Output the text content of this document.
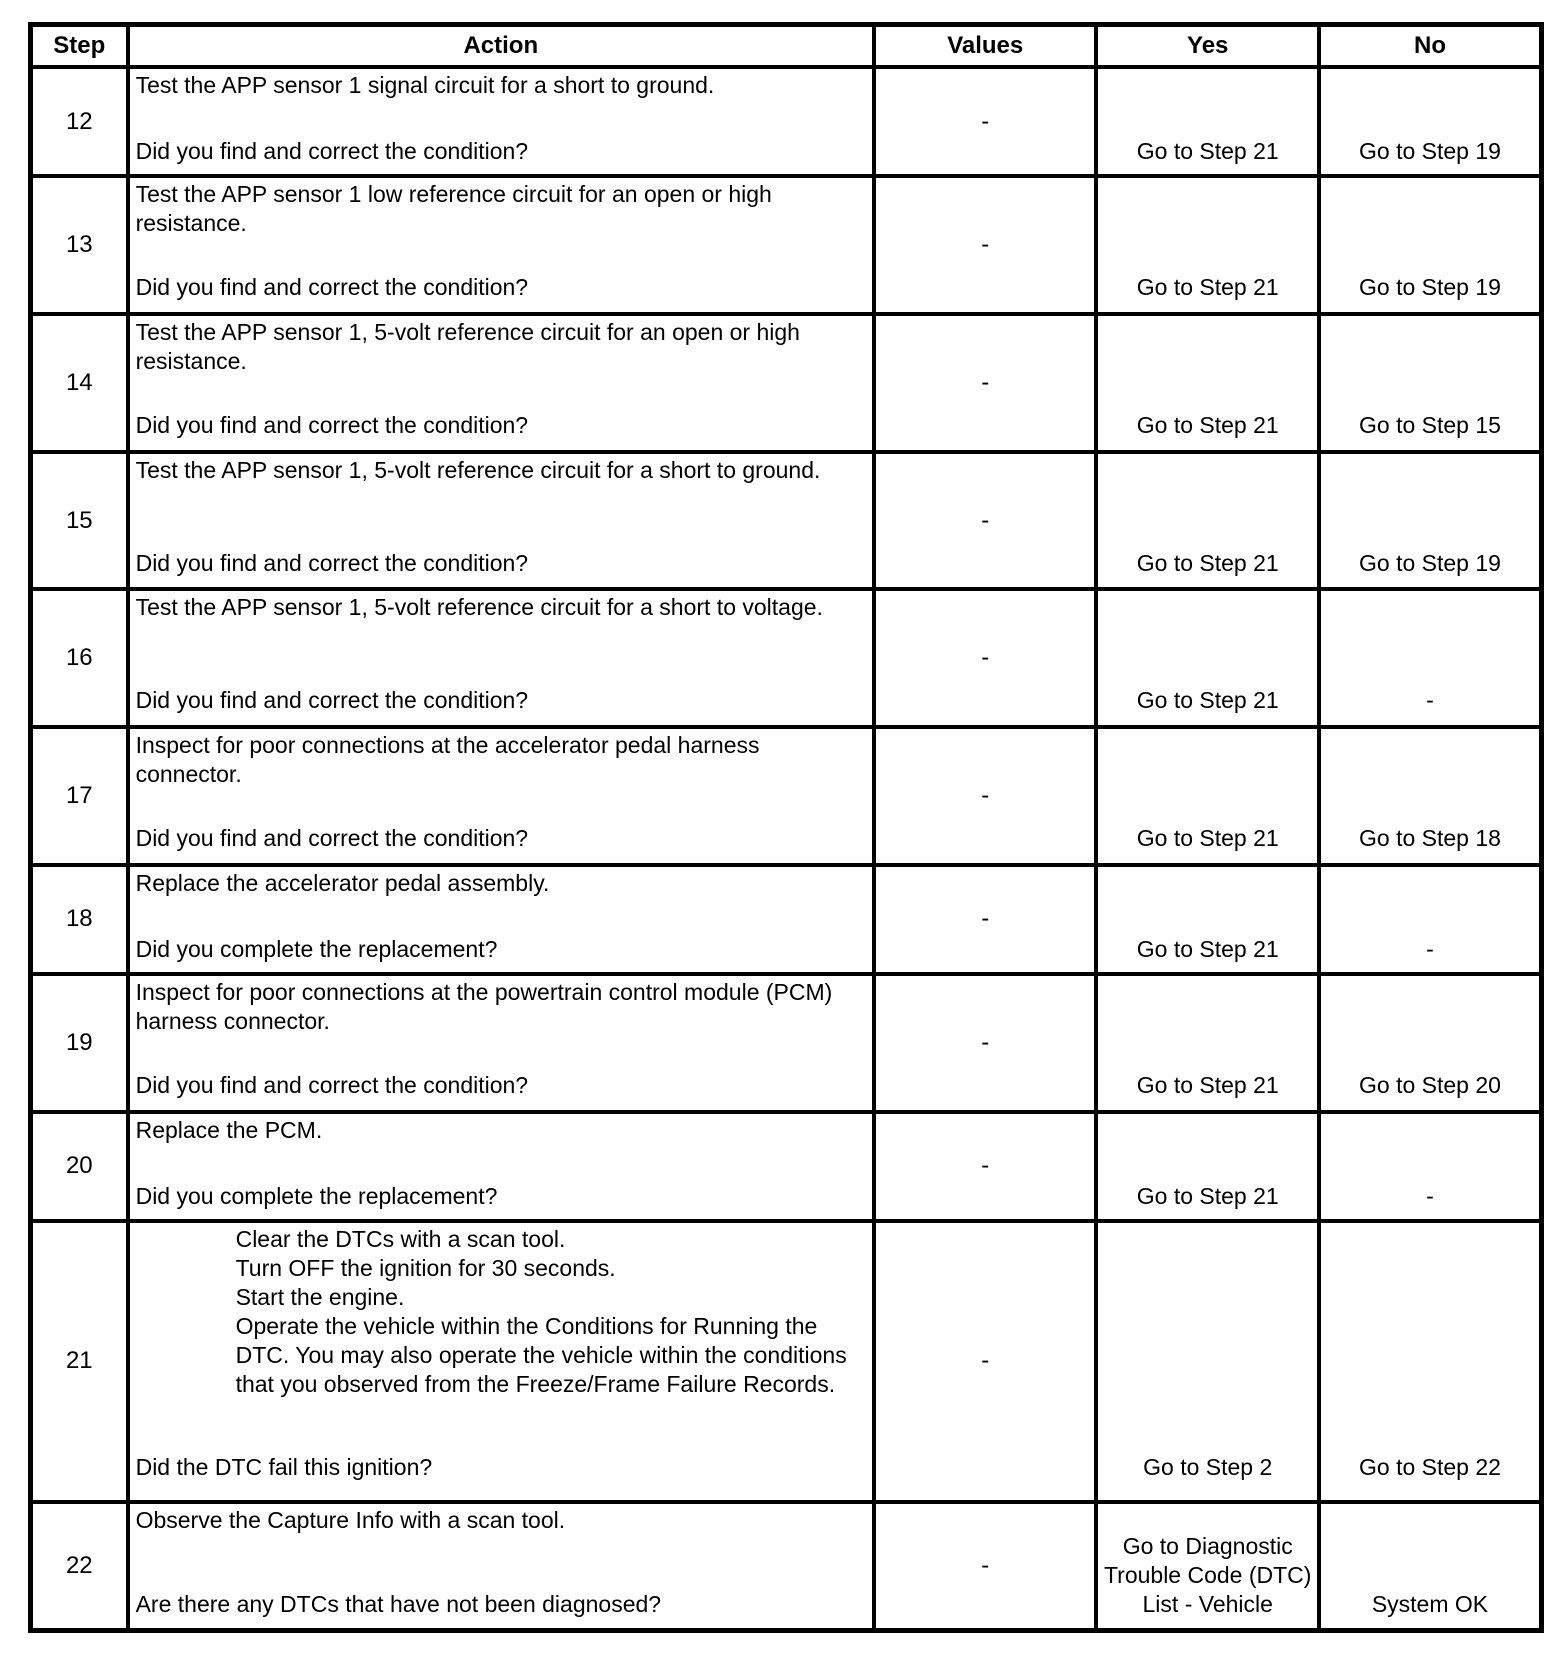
Step	Action	Values	Yes	No
12	Test the APP sensor 1 signal circuit for a short to ground.
Did you find and correct the condition?	-	Go to Step 21	Go to Step 19

13	Test the APP sensor 1 low reference circuit for an open or high resistance.
Did you find and correct the condition?	-	Go to Step 21	Go to Step 19

14	Test the APP sensor 1, 5-volt reference circuit for an open or high resistance.
Did you find and correct the condition?	-	Go to Step 21	Go to Step 15

15	Test the APP sensor 1, 5-volt reference circuit for a short to ground.
Did you find and correct the condition?	-	Go to Step 21	Go to Step 19

16	Test the APP sensor 1, 5-volt reference circuit for a short to voltage.
Did you find and correct the condition?	-	Go to Step 21	-

17	Inspect for poor connections at the accelerator pedal harness connector.
Did you find and correct the condition?	-	Go to Step 21	Go to Step 18

18	Replace the accelerator pedal assembly.
Did you complete the replacement?	-	Go to Step 21	-

19	Inspect for poor connections at the powertrain control module (PCM) harness connector.
Did you find and correct the condition?	-	Go to Step 21	Go to Step 20

20	Replace the PCM.
Did you complete the replacement?	-	Go to Step 21	-

21	Clear the DTCs with a scan tool.
Turn OFF the ignition for 30 seconds.
Start the engine.
Operate the vehicle within the Conditions for Running the DTC. You may also operate the vehicle within the conditions that you observed from the Freeze/Frame Failure Records.
Did the DTC fail this ignition?	-	Go to Step 2	Go to Step 22

22	Observe the Capture Info with a scan tool.
Are there any DTCs that have not been diagnosed?	-	Go to Diagnostic Trouble Code (DTC) List - Vehicle	System OK
